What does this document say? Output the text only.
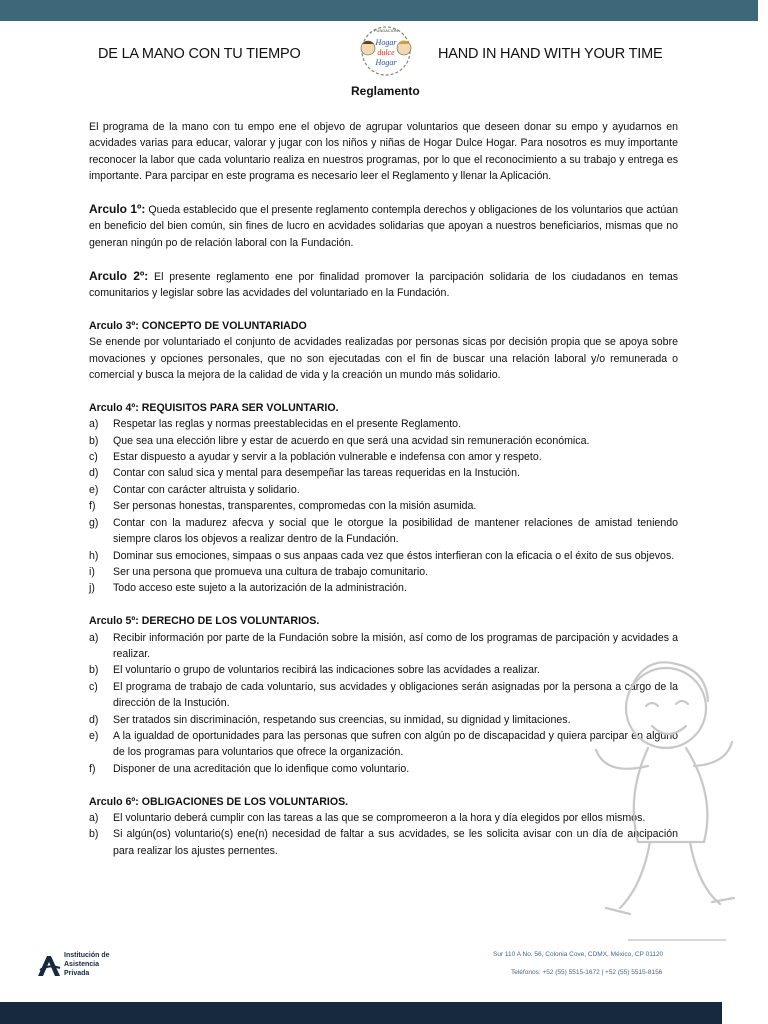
DE LA MANO CON TU TIEMPO
FUNDACIÓN
Hogar
dulce
Hogar
HAND IN HAND WITH YOUR TIME
Reglamento

El programa de la mano con tu empo ene el objevo de agrupar voluntarios que deseen donar su empo y ayudarnos en acvidades varias para educar, valorar y jugar con los niños y niñas de Hogar Dulce Hogar. Para nosotros es muy importante reconocer la labor que cada voluntario realiza en nuestros programas, por lo que el reconocimiento a su trabajo y entrega es importante. Para parcipar en este programa es necesario leer el Reglamento y llenar la Aplicación.

Arculo 1º: Queda establecido que el presente reglamento contempla derechos y obligaciones de los voluntarios que actúan en beneficio del bien común, sin fines de lucro en acvidades solidarias que apoyan a nuestros beneficiarios, mismas que no generan ningún po de relación laboral con la Fundación.

Arculo 2º: El presente reglamento ene por finalidad promover la parcipación solidaria de los ciudadanos en temas comunitarios y legislar sobre las acvidades del voluntariado en la Fundación.

Arculo 3º: CONCEPTO DE VOLUNTARIADO

Se enende por voluntariado el conjunto de acvidades realizadas por personas sicas por decisión propia que se apoya sobre movaciones y opciones personales, que no son ejecutadas con el fin de buscar una relación laboral y/o remunerada o comercial y busca la mejora de la calidad de vida y la creación un mundo más solidario.

Arculo 4º: REQUISITOS PARA SER VOLUNTARIO.

a) Respetar las reglas y normas preestablecidas en el presente Reglamento.
b) Que sea una elección libre y estar de acuerdo en que será una acvidad sin remuneración económica.
c) Estar dispuesto a ayudar y servir a la población vulnerable e indefensa con amor y respeto.
d) Contar con salud sica y mental para desempeñar las tareas requeridas en la Instución.
e) Contar con carácter altruista y solidario.
f) Ser personas honestas, transparentes, compromedas con la misión asumida.
g) Contar con la madurez afecva y social que le otorgue la posibilidad de mantener relaciones de amistad teniendo siempre claros los objevos a realizar dentro de la Fundación.
h) Dominar sus emociones, simpaas o sus anpaas cada vez que éstos interfieran con la eficacia o el éxito de sus objevos.
i) Ser una persona que promueva una cultura de trabajo comunitario.
j) Todo acceso este sujeto a la autorización de la administración.

Arculo 5º: DERECHO DE LOS VOLUNTARIOS.

a) Recibir información por parte de la Fundación sobre la misión, así como de los programas de parcipación y acvidades a realizar.
b) El voluntario o grupo de voluntarios recibirá las indicaciones sobre las acvidades a realizar.
c) El programa de trabajo de cada voluntario, sus acvidades y obligaciones serán asignadas por la persona a cargo de la dirección de la Instución.
d) Ser tratados sin discriminación, respetando sus creencias, su inmidad, su dignidad y limitaciones.
e) A la igualdad de oportunidades para las personas que sufren con algún po de discapacidad y quiera parcipar en alguno de los programas para voluntarios que ofrece la organización.
f) Disponer de una acreditación que lo idenfique como voluntario.

Arculo 6º: OBLIGACIONES DE LOS VOLUNTARIOS.

a) El voluntario deberá cumplir con las tareas a las que se compromeeron a la hora y día elegidos por ellos mismos.
b) Si algún(os) voluntario(s) ene(n) necesidad de faltar a sus acvidades, se les solicita avisar con un día de ancipación para realizar los ajustes pernentes.
Institución de
Asistencia
Privada
Sur 110 A No. 56, Colonia Cove, CDMX, México, CP 01120
Teléfonos: +52 (55) 5515-1672 | +52 (55) 5515-8156
